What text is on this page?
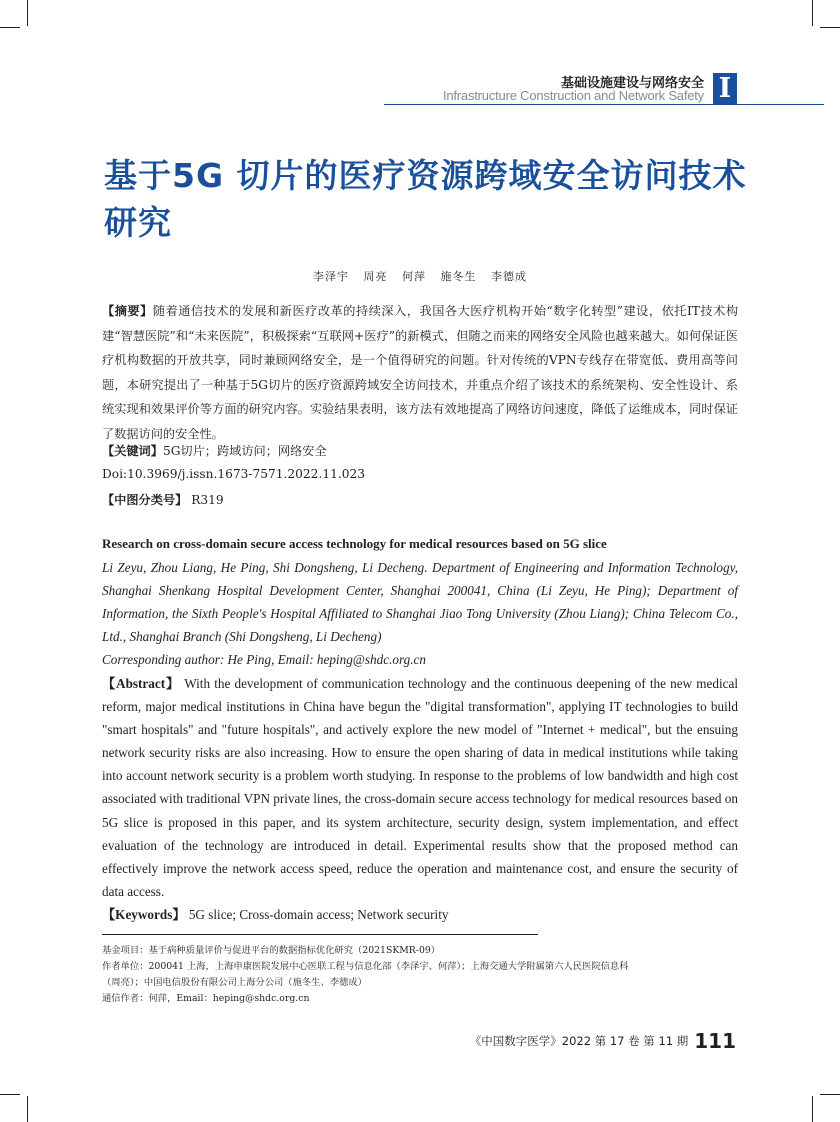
基础设施建设与网络安全
Infrastructure Construction and Network Safety I
基于5G 切片的医疗资源跨域安全访问技术研究
李泽宇 周亮 何萍 施冬生 李德成
【摘要】随着通信技术的发展和新医疗改革的持续深入，我国各大医疗机构开始“数字化转型”建设，依托IT技术构建“智慧医院”和“未来医院”，积极探索“互联网+医疗”的新模式，但随之而来的网络安全风险也越来越大。如何保证医疗机构数据的开放共享，同时兼顾网络安全，是一个值得研究的问题。针对传统的VPN专线存在带宽低、费用高等问题，本研究提出了一种基于5G切片的医疗资源跨域安全访问技术，并重点介绍了该技术的系统架构、安全性设计、系统实现和效果评价等方面的研究内容。实验结果表明，该方法有效地提高了网络访问速度，降低了运维成本，同时保证了数据访问的安全性。
【关键词】5G切片；跨域访问；网络安全
Doi:10.3969/j.issn.1673-7571.2022.11.023
【中图分类号】 R319
Research on cross-domain secure access technology for medical resources based on 5G slice
Li Zeyu, Zhou Liang, He Ping, Shi Dongsheng, Li Decheng. Department of Engineering and Information Technology, Shanghai Shenkang Hospital Development Center, Shanghai 200041, China (Li Zeyu, He Ping); Department of Information, the Sixth People's Hospital Affiliated to Shanghai Jiao Tong University (Zhou Liang); China Telecom Co., Ltd., Shanghai Branch (Shi Dongsheng, Li Decheng)
Corresponding author: He Ping, Email: heping@shdc.org.cn
【Abstract】 With the development of communication technology and the continuous deepening of the new medical reform, major medical institutions in China have begun the "digital transformation", applying IT technologies to build "smart hospitals" and "future hospitals", and actively explore the new model of "Internet + medical", but the ensuing network security risks are also increasing. How to ensure the open sharing of data in medical institutions while taking into account network security is a problem worth studying. In response to the problems of low bandwidth and high cost associated with traditional VPN private lines, the cross-domain secure access technology for medical resources based on 5G slice is proposed in this paper, and its system architecture, security design, system implementation, and effect evaluation of the technology are introduced in detail. Experimental results show that the proposed method can effectively improve the network access speed, reduce the operation and maintenance cost, and ensure the security of data access.
【Keywords】 5G slice; Cross-domain access; Network security
基金项目：基于病种质量评价与促进平台的数据指标优化研究（2021SKMR-09）
作者单位：200041 上海，上海申康医院发展中心医联工程与信息化部（李泽宇、何萍）；上海交通大学附属第六人民医院信息科
（周亮）；中国电信股份有限公司上海分公司（施冬生、李德成）
通信作者：何萍，Email：heping@shdc.org.cn
《中国数字医学》2022 第 17 卷 第 11 期 111
